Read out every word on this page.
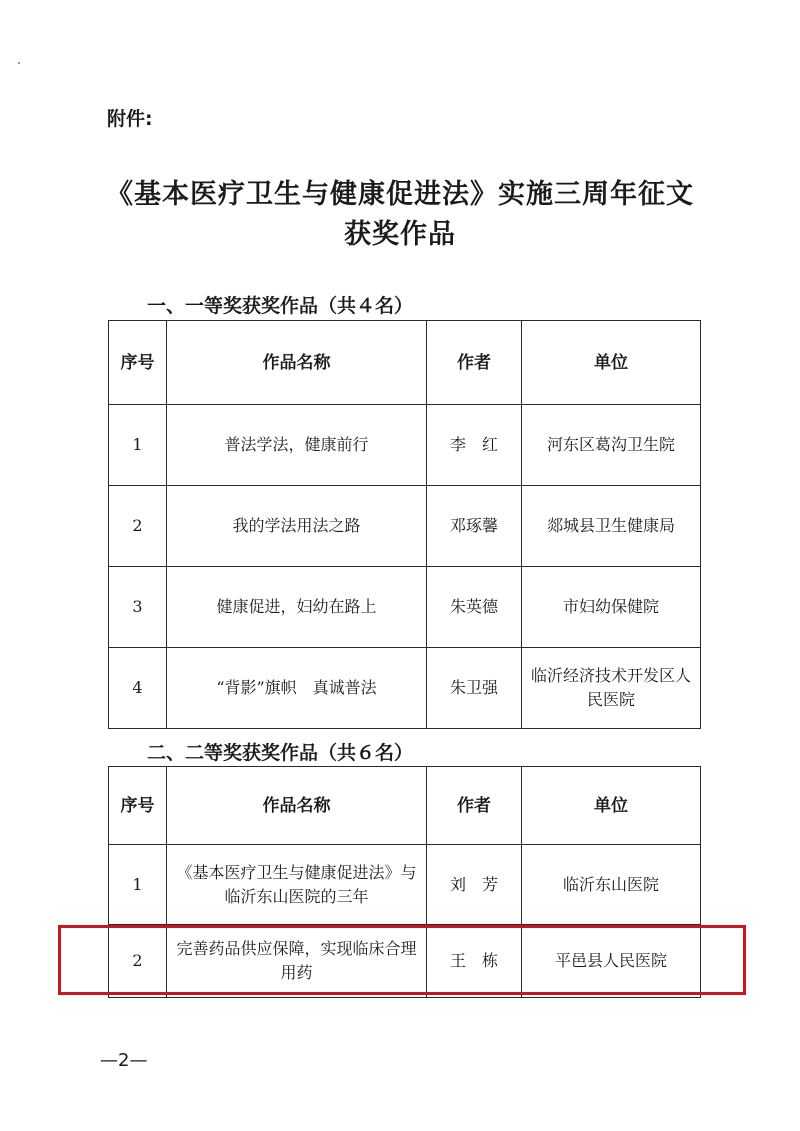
附件:
《基本医疗卫生与健康促进法》实施三周年征文
获奖作品
一、一等奖获奖作品（共４名）
序号	作品名称	作者	单位
1	普法学法，健康前行	李　红	河东区葛沟卫生院
2	我的学法用法之路	邓琢馨	郯城县卫生健康局
3	健康促进，妇幼在路上	朱英德	市妇幼保健院
4	“背影”旗帜　真诚普法	朱卫强	临沂经济技术开发区人民医院
二、二等奖获奖作品（共６名）
序号	作品名称	作者	单位
1	《基本医疗卫生与健康促进法》与临沂东山医院的三年	刘　芳	临沂东山医院
2	完善药品供应保障，实现临床合理用药	王　栋	平邑县人民医院
—2—
